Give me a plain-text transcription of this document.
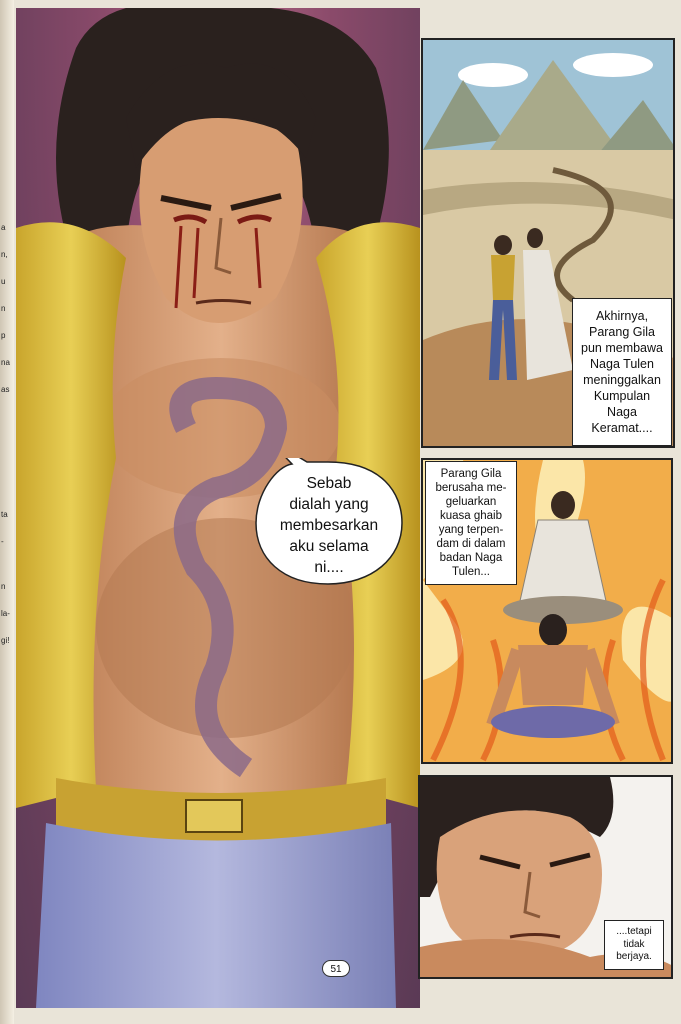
a

n,

u

n

p

na

as

ta

-

n

la-

gi!

Sebab
dialah yang
membesarkan
aku selama
ni....
Akhirnya,
Parang Gila
pun membawa
Naga Tulen
meninggalkan
Kumpulan
Naga
Keramat....
Parang Gila
berusaha me-
geluarkan
kuasa ghaib
yang terpen-
dam di dalam
badan Naga
Tulen...
....tetapi
tidak
berjaya.
51
